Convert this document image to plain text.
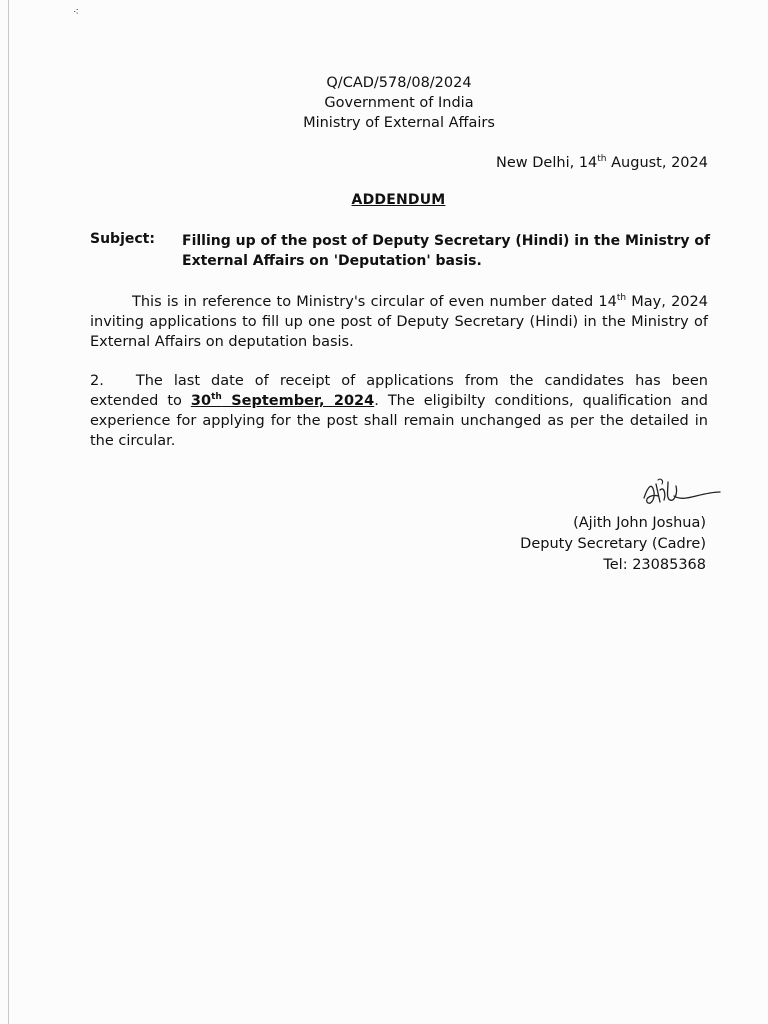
⁖
Q/CAD/578/08/2024
Government of India
Ministry of External Affairs
New Delhi, 14th August, 2024
ADDENDUM
Subject: Filling up of the post of Deputy Secretary (Hindi) in the Ministry of External Affairs on 'Deputation' basis.
This is in reference to Ministry's circular of even number dated 14th May, 2024 inviting applications to fill up one post of Deputy Secretary (Hindi) in the Ministry of External Affairs on deputation basis.
2. The last date of receipt of applications from the candidates has been extended to 30th September, 2024. The eligibilty conditions, qualification and experience for applying for the post shall remain unchanged as per the detailed in the circular.
(Ajith John Joshua)
Deputy Secretary (Cadre)
Tel: 23085368
